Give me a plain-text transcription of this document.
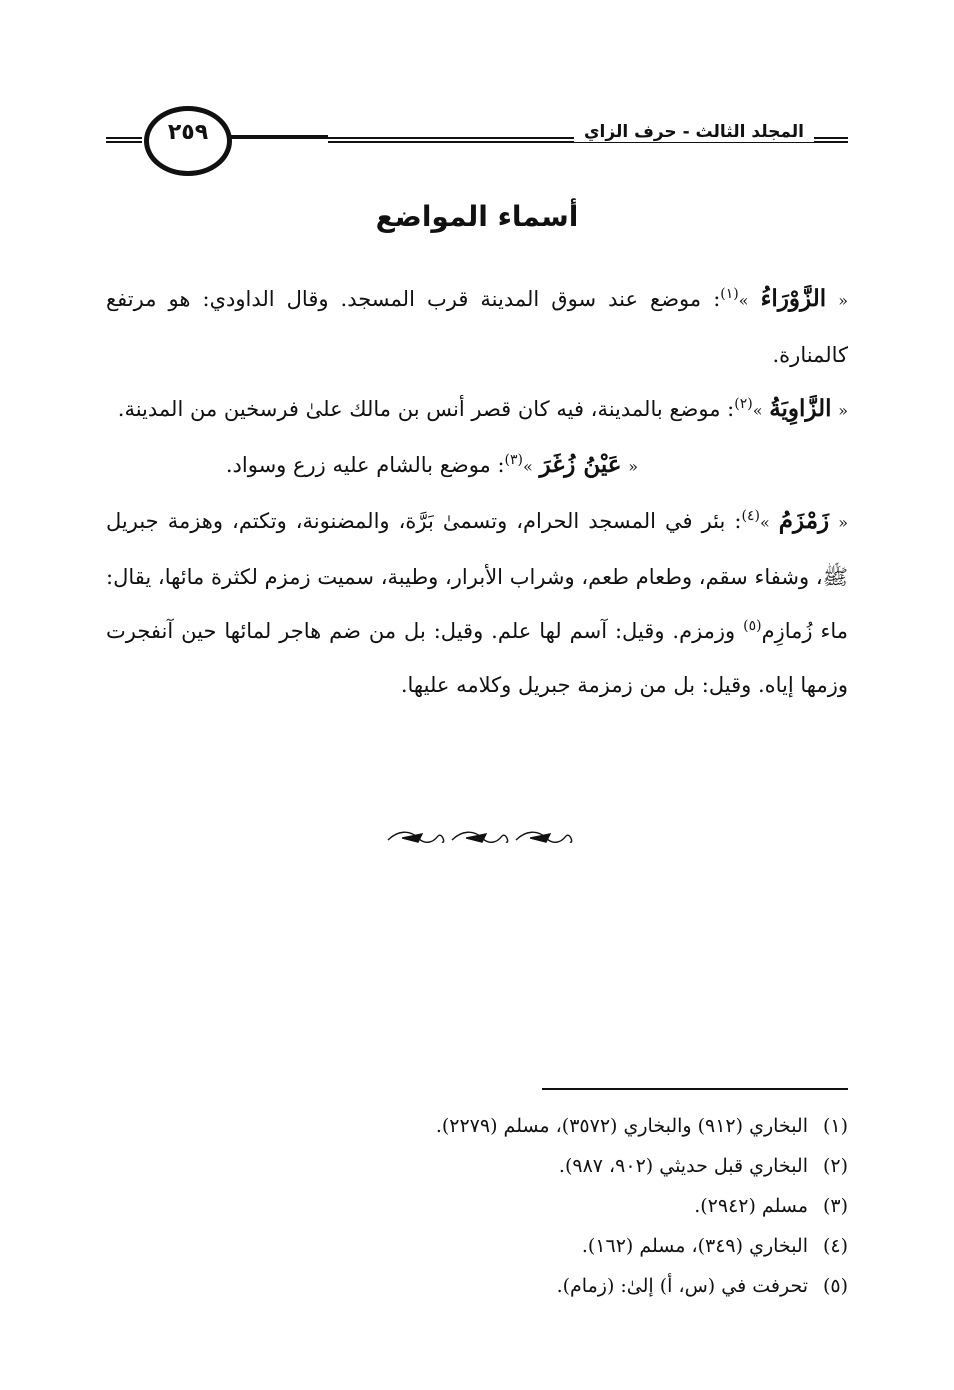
٢٥٩	المجلد الثالث - حرف الزاي
أسماء المواضع

« الزَّوْرَاءُ »$^{(١)}$: موضع عند سوق المدينة قرب المسجد. وقال الداودي: هو مرتفع كالمنارة.

« الزَّاوِيَةُ »$^{(٢)}$: موضع بالمدينة، فيه كان قصر أنس بن مالك علىٰ فرسخين من المدينة.

« عَيْنُ زُغَرَ »$^{(٣)}$: موضع بالشام عليه زرع وسواد.

« زَمْزَمُ »$^{(٤)}$: بئر في المسجد الحرام، وتسمىٰ بَرَّة، والمضنونة، وتكتم، وهزمة جبريل ﷺ، وشفاء سقم، وطعام طعم، وشراب الأبرار، وطيبة، سميت زمزم لكثرة مائها، يقال: ماء زُمازِم$^{(٥)}$ وزمزم. وقيل: آسم لها علم. وقيل: بل من ضم هاجر لمائها حين آنفجرت وزمها إياه. وقيل: بل من زمزمة جبريل وكلامه عليها.

(١)البخاري (٩١٢) والبخاري (٣٥٧٢)، مسلم (٢٢٧٩).

(٢)البخاري قبل حديثي (٩٠٢، ٩٨٧).

(٣)مسلم (٢٩٤٢).

(٤)البخاري (٣٤٩)، مسلم (١٦٢).

(٥)تحرفت في (س، أ) إلىٰ: (زمام).
